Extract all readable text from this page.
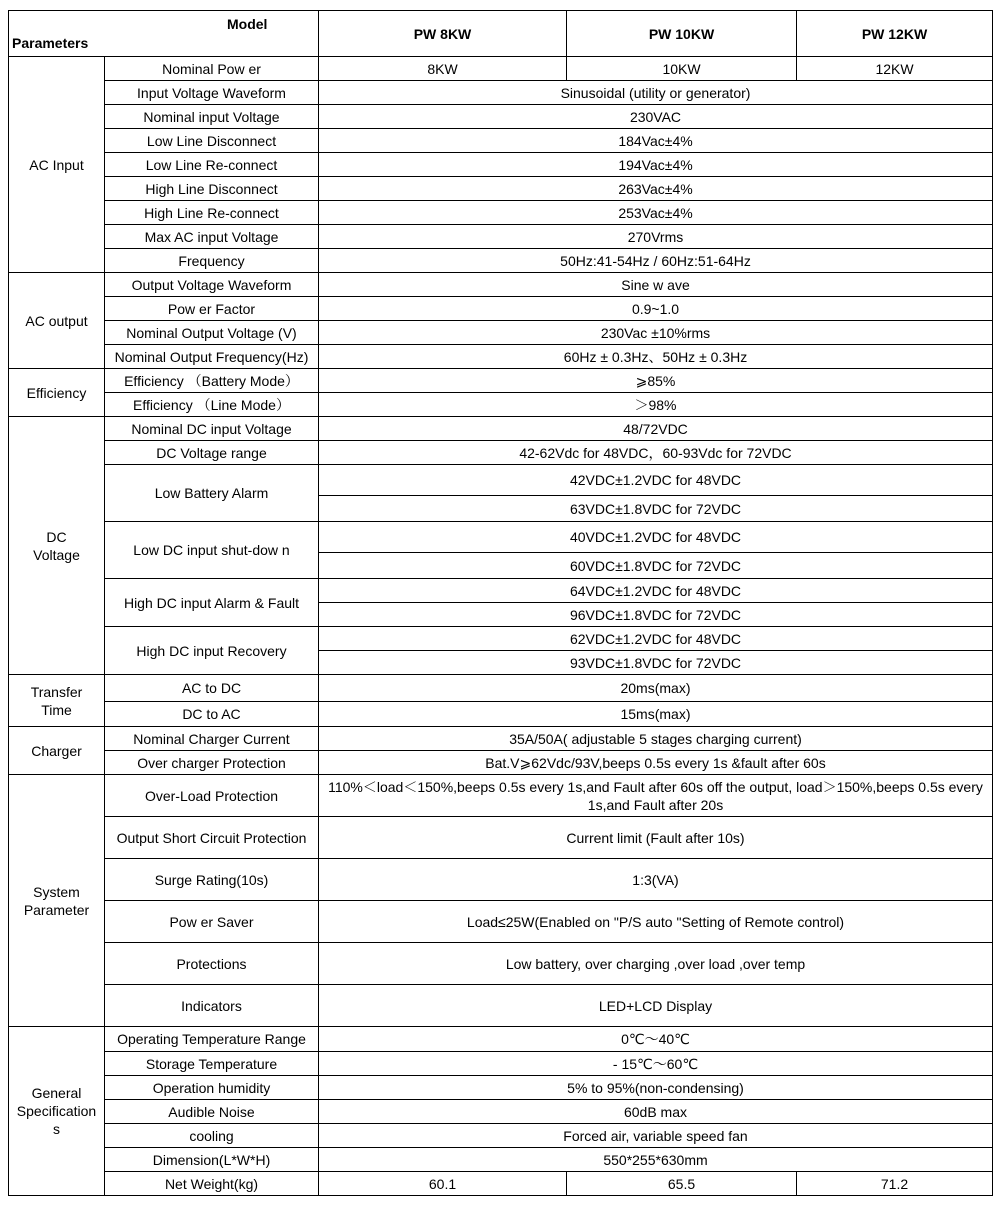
Model
Parameters		PW 8KW	PW 10KW	PW 12KW
AC Input	Nominal Pow er	8KW	10KW	12KW
	Input Voltage Waveform	Sinusoidal (utility or generator)		
	Nominal input Voltage	230VAC		
	Low Line Disconnect	184Vac±4%		
	Low Line Re-connect	194Vac±4%		
	High Line Disconnect	263Vac±4%		
	High Line Re-connect	253Vac±4%		
	Max AC input Voltage	270Vrms		
	Frequency	50Hz:41-54Hz / 60Hz:51-64Hz		
AC output	Output Voltage Waveform	Sine w ave		
	Pow er Factor	0.9~1.0		
	Nominal Output Voltage (V)	230Vac ±10%rms		
	Nominal Output Frequency(Hz)	60Hz ± 0.3Hz、50Hz ± 0.3Hz		
Efficiency	Efficiency （Battery Mode）	⩾85%		
	Efficiency （Line Mode）	＞98%		
DC
Voltage	Nominal DC input Voltage	48/72VDC		
	DC Voltage range	42-62Vdc for 48VDC，60-93Vdc for 72VDC		
	Low Battery Alarm	42VDC±1.2VDC for 48VDC		
		63VDC±1.8VDC for 72VDC		
	Low DC input shut-dow n	40VDC±1.2VDC for 48VDC		
		60VDC±1.8VDC for 72VDC		
	High DC input Alarm & Fault	64VDC±1.2VDC for 48VDC		
		96VDC±1.8VDC for 72VDC		
	High DC input Recovery	62VDC±1.2VDC for 48VDC		
		93VDC±1.8VDC for 72VDC		
Transfer
Time	AC to DC	20ms(max)		
	DC to AC	15ms(max)		
Charger	Nominal Charger Current	35A/50A( adjustable 5 stages charging current)		
	Over charger Protection	Bat.V⩾62Vdc/93V,beeps 0.5s every 1s &fault after 60s		
System
Parameter	Over-Load Protection	110%＜load＜150%,beeps 0.5s every 1s,and Fault after 60s off the output, load＞150%,beeps 0.5s every 1s,and Fault after 20s		
	Output Short Circuit Protection	Current limit (Fault after 10s)		
	Surge Rating(10s)	1:3(VA)		
	Pow er Saver	Load≤25W(Enabled on "P/S auto "Setting of Remote control)		
	Protections	Low battery, over charging ,over load ,over temp		
	Indicators	LED+LCD Display		
General
Specification
s	Operating Temperature Range	0℃～40℃		
	Storage Temperature	- 15℃～60℃		
	Operation humidity	5% to 95%(non-condensing)		
	Audible Noise	60dB max		
	cooling	Forced air, variable speed fan		
	Dimension(L*W*H)	550*255*630mm		
	Net Weight(kg)	60.1	65.5	71.2
